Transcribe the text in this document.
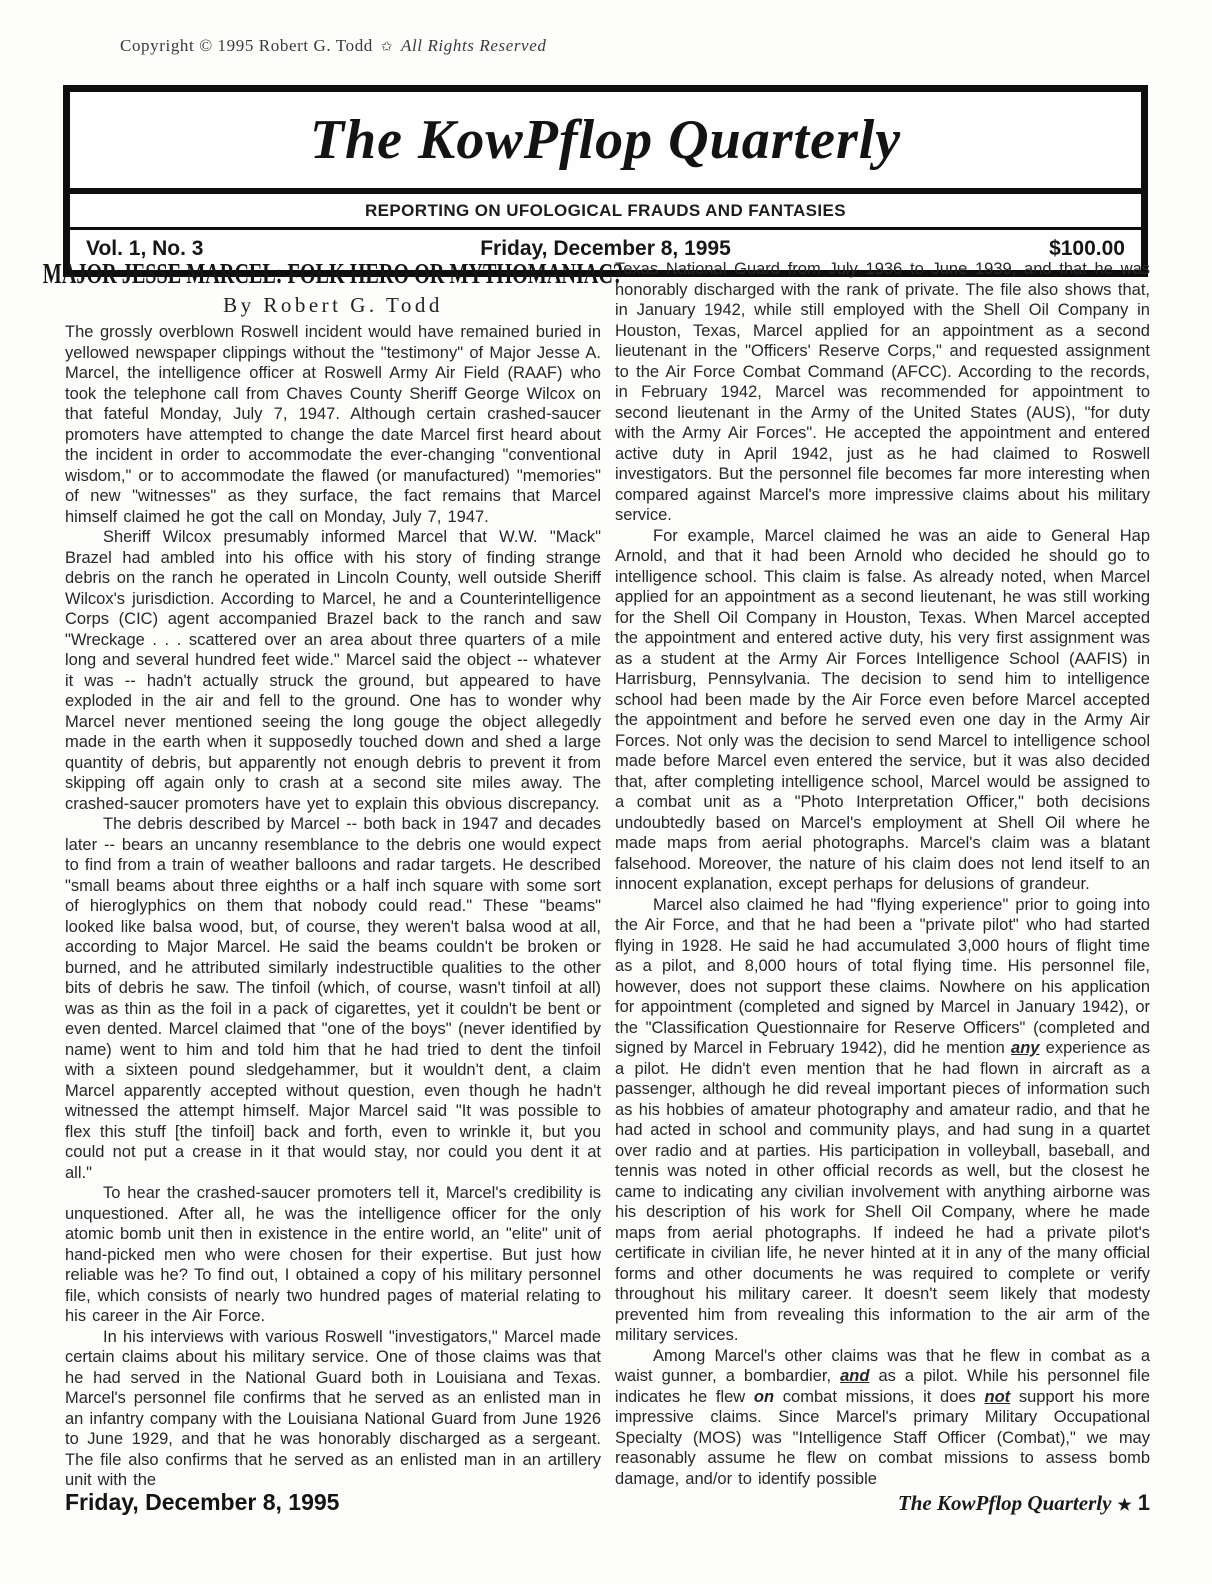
Copyright © 1995 Robert G. Todd ✩ All Rights Reserved
The KowPflop Quarterly
REPORTING ON UFOLOGICAL FRAUDS AND FANTASIES
Vol. 1, No. 3	Friday, December 8, 1995	$100.00
MAJOR JESSE MARCEL: FOLK HERO OR MYTHOMANIAC?
By Robert G. Todd

The grossly overblown Roswell incident would have remained buried in yellowed newspaper clippings without the "testimony" of Major Jesse A. Marcel, the intelligence officer at Roswell Army Air Field (RAAF) who took the telephone call from Chaves County Sheriff George Wilcox on that fateful Monday, July 7, 1947. Although certain crashed-saucer promoters have attempted to change the date Marcel first heard about the incident in order to accommodate the ever-changing "conventional wisdom," or to accommodate the flawed (or manufactured) "memories" of new "witnesses" as they surface, the fact remains that Marcel himself claimed he got the call on Monday, July 7, 1947.

Sheriff Wilcox presumably informed Marcel that W.W. "Mack" Brazel had ambled into his office with his story of finding strange debris on the ranch he operated in Lincoln County, well outside Sheriff Wilcox's jurisdiction. According to Marcel, he and a Counterintelligence Corps (CIC) agent accompanied Brazel back to the ranch and saw "Wreckage . . . scattered over an area about three quarters of a mile long and several hundred feet wide." Marcel said the object -- whatever it was -- hadn't actually struck the ground, but appeared to have exploded in the air and fell to the ground. One has to wonder why Marcel never mentioned seeing the long gouge the object allegedly made in the earth when it supposedly touched down and shed a large quantity of debris, but apparently not enough debris to prevent it from skipping off again only to crash at a second site miles away. The crashed-saucer promoters have yet to explain this obvious discrepancy.

The debris described by Marcel -- both back in 1947 and decades later -- bears an uncanny resemblance to the debris one would expect to find from a train of weather balloons and radar targets. He described "small beams about three eighths or a half inch square with some sort of hieroglyphics on them that nobody could read." These "beams" looked like balsa wood, but, of course, they weren't balsa wood at all, according to Major Marcel. He said the beams couldn't be broken or burned, and he attributed similarly indestructible qualities to the other bits of debris he saw. The tinfoil (which, of course, wasn't tinfoil at all) was as thin as the foil in a pack of cigarettes, yet it couldn't be bent or even dented. Marcel claimed that "one of the boys" (never identified by name) went to him and told him that he had tried to dent the tinfoil with a sixteen pound sledgehammer, but it wouldn't dent, a claim Marcel apparently accepted without question, even though he hadn't witnessed the attempt himself. Major Marcel said "It was possible to flex this stuff [the tinfoil] back and forth, even to wrinkle it, but you could not put a crease in it that would stay, nor could you dent it at all."

To hear the crashed-saucer promoters tell it, Marcel's credibility is unquestioned. After all, he was the intelligence officer for the only atomic bomb unit then in existence in the entire world, an "elite" unit of hand-picked men who were chosen for their expertise. But just how reliable was he? To find out, I obtained a copy of his military personnel file, which consists of nearly two hundred pages of material relating to his career in the Air Force.

In his interviews with various Roswell "investigators," Marcel made certain claims about his military service. One of those claims was that he had served in the National Guard both in Louisiana and Texas. Marcel's personnel file confirms that he served as an enlisted man in an infantry company with the Louisiana National Guard from June 1926 to June 1929, and that he was honorably discharged as a sergeant. The file also confirms that he served as an enlisted man in an artillery unit with the

Texas National Guard from July 1936 to June 1939, and that he was honorably discharged with the rank of private. The file also shows that, in January 1942, while still employed with the Shell Oil Company in Houston, Texas, Marcel applied for an appointment as a second lieutenant in the "Officers' Reserve Corps," and requested assignment to the Air Force Combat Command (AFCC). According to the records, in February 1942, Marcel was recommended for appointment to second lieutenant in the Army of the United States (AUS), "for duty with the Army Air Forces". He accepted the appointment and entered active duty in April 1942, just as he had claimed to Roswell investigators. But the personnel file becomes far more interesting when compared against Marcel's more impressive claims about his military service.

For example, Marcel claimed he was an aide to General Hap Arnold, and that it had been Arnold who decided he should go to intelligence school. This claim is false. As already noted, when Marcel applied for an appointment as a second lieutenant, he was still working for the Shell Oil Company in Houston, Texas. When Marcel accepted the appointment and entered active duty, his very first assignment was as a student at the Army Air Forces Intelligence School (AAFIS) in Harrisburg, Pennsylvania. The decision to send him to intelligence school had been made by the Air Force even before Marcel accepted the appointment and before he served even one day in the Army Air Forces. Not only was the decision to send Marcel to intelligence school made before Marcel even entered the service, but it was also decided that, after completing intelligence school, Marcel would be assigned to a combat unit as a "Photo Interpretation Officer," both decisions undoubtedly based on Marcel's employment at Shell Oil where he made maps from aerial photographs. Marcel's claim was a blatant falsehood. Moreover, the nature of his claim does not lend itself to an innocent explanation, except perhaps for delusions of grandeur.

Marcel also claimed he had "flying experience" prior to going into the Air Force, and that he had been a "private pilot" who had started flying in 1928. He said he had accumulated 3,000 hours of flight time as a pilot, and 8,000 hours of total flying time. His personnel file, however, does not support these claims. Nowhere on his application for appointment (completed and signed by Marcel in January 1942), or the "Classification Questionnaire for Reserve Officers" (completed and signed by Marcel in February 1942), did he mention any experience as a pilot. He didn't even mention that he had flown in aircraft as a passenger, although he did reveal important pieces of information such as his hobbies of amateur photography and amateur radio, and that he had acted in school and community plays, and had sung in a quartet over radio and at parties. His participation in volleyball, baseball, and tennis was noted in other official records as well, but the closest he came to indicating any civilian involvement with anything airborne was his description of his work for Shell Oil Company, where he made maps from aerial photographs. If indeed he had a private pilot's certificate in civilian life, he never hinted at it in any of the many official forms and other documents he was required to complete or verify throughout his military career. It doesn't seem likely that modesty prevented him from revealing this information to the air arm of the military services.

Among Marcel's other claims was that he flew in combat as a waist gunner, a bombardier, and as a pilot. While his personnel file indicates he flew on combat missions, it does not support his more impressive claims. Since Marcel's primary Military Occupational Specialty (MOS) was "Intelligence Staff Officer (Combat)," we may reasonably assume he flew on combat missions to assess bomb damage, and/or to identify possible

Friday, December 8, 1995	The KowPflop Quarterly ★ 1
